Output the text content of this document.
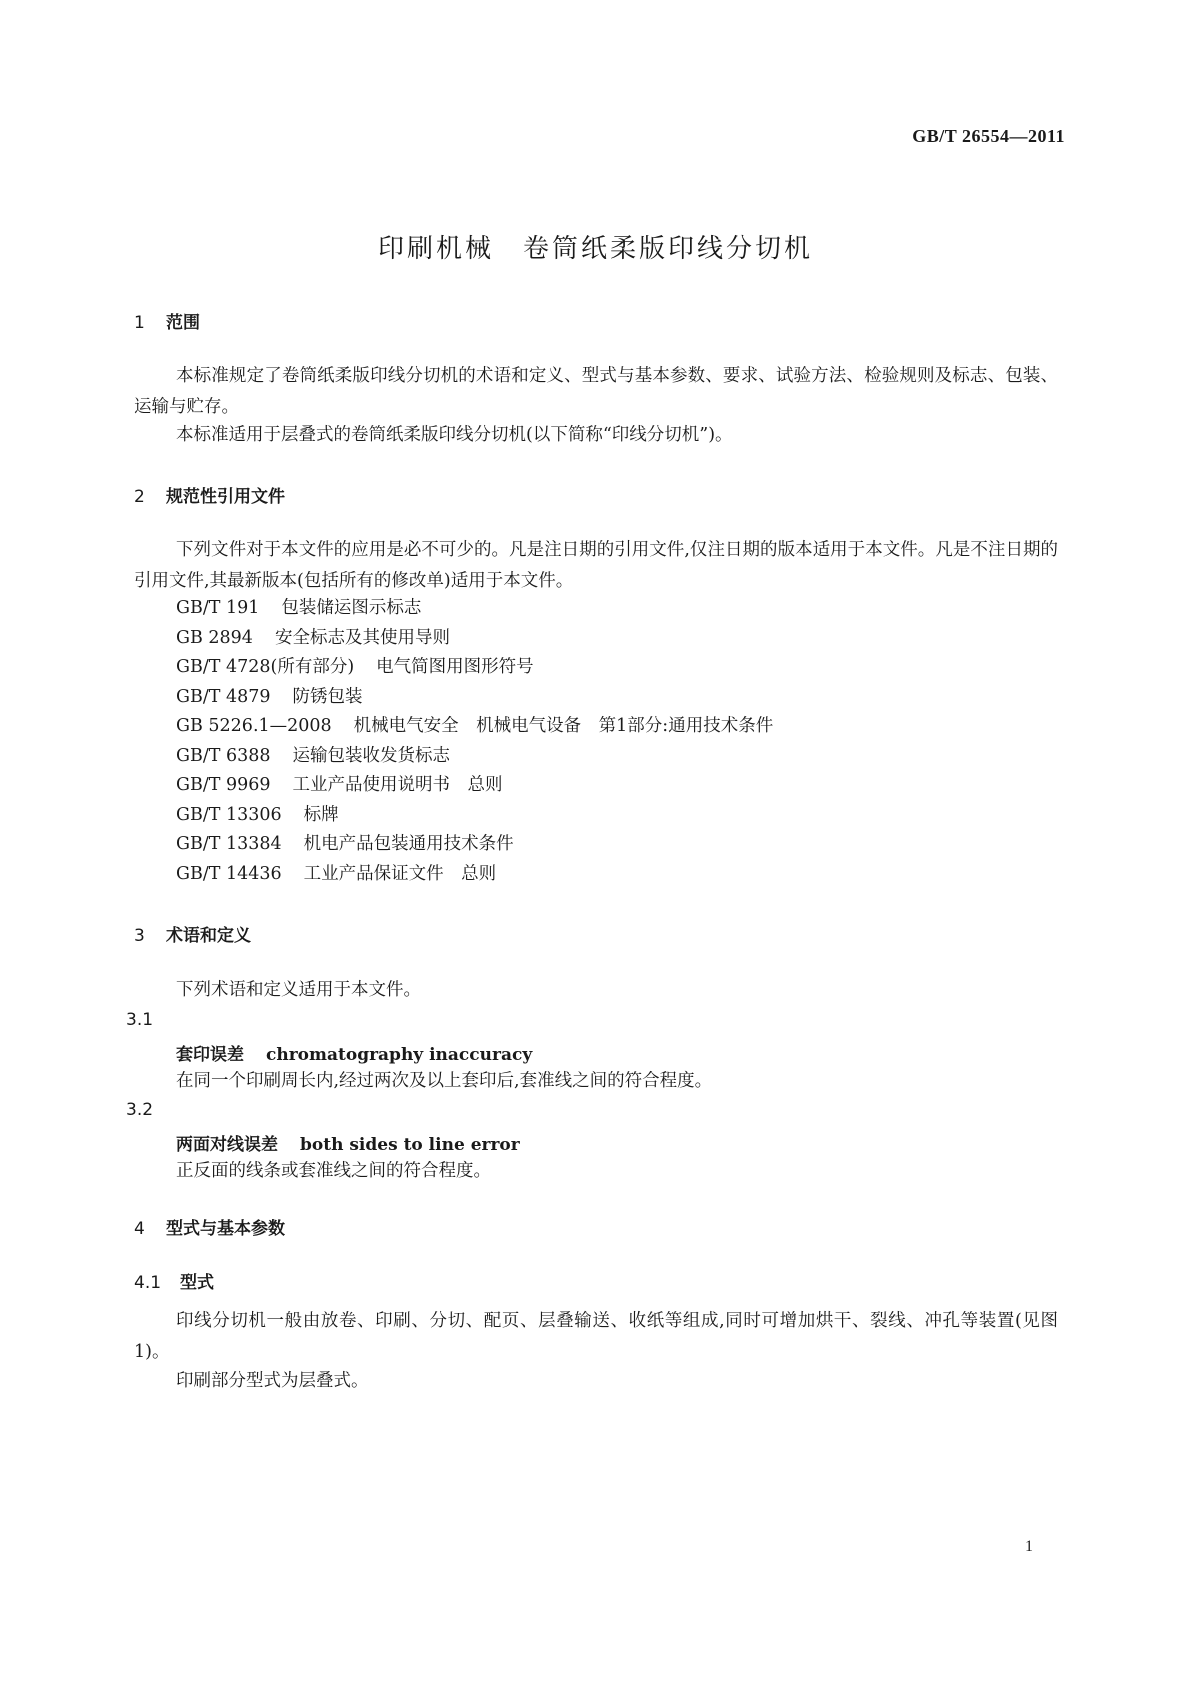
GB/T 26554—2011
印刷机械　卷筒纸柔版印线分切机
1 范围
本标准规定了卷筒纸柔版印线分切机的术语和定义、型式与基本参数、要求、试验方法、检验规则及标志、包装、运输与贮存。
本标准适用于层叠式的卷筒纸柔版印线分切机(以下简称“印线分切机”)。
2 规范性引用文件
下列文件对于本文件的应用是必不可少的。凡是注日期的引用文件,仅注日期的版本适用于本文件。凡是不注日期的引用文件,其最新版本(包括所有的修改单)适用于本文件。
GB/T 191 包装储运图示标志
GB 2894 安全标志及其使用导则
GB/T 4728(所有部分) 电气简图用图形符号
GB/T 4879 防锈包装
GB 5226.1—2008 机械电气安全　机械电气设备　第1部分:通用技术条件
GB/T 6388 运输包装收发货标志
GB/T 9969 工业产品使用说明书　总则
GB/T 13306 标牌
GB/T 13384 机电产品包装通用技术条件
GB/T 14436 工业产品保证文件　总则
3 术语和定义
下列术语和定义适用于本文件。
3.1
套印误差 chromatography inaccuracy
在同一个印刷周长内,经过两次及以上套印后,套准线之间的符合程度。
3.2
两面对线误差 both sides to line error
正反面的线条或套准线之间的符合程度。
4 型式与基本参数
4.1 型式
印线分切机一般由放卷、印刷、分切、配页、层叠输送、收纸等组成,同时可增加烘干、裂线、冲孔等装置(见图1)。
印刷部分型式为层叠式。
1
